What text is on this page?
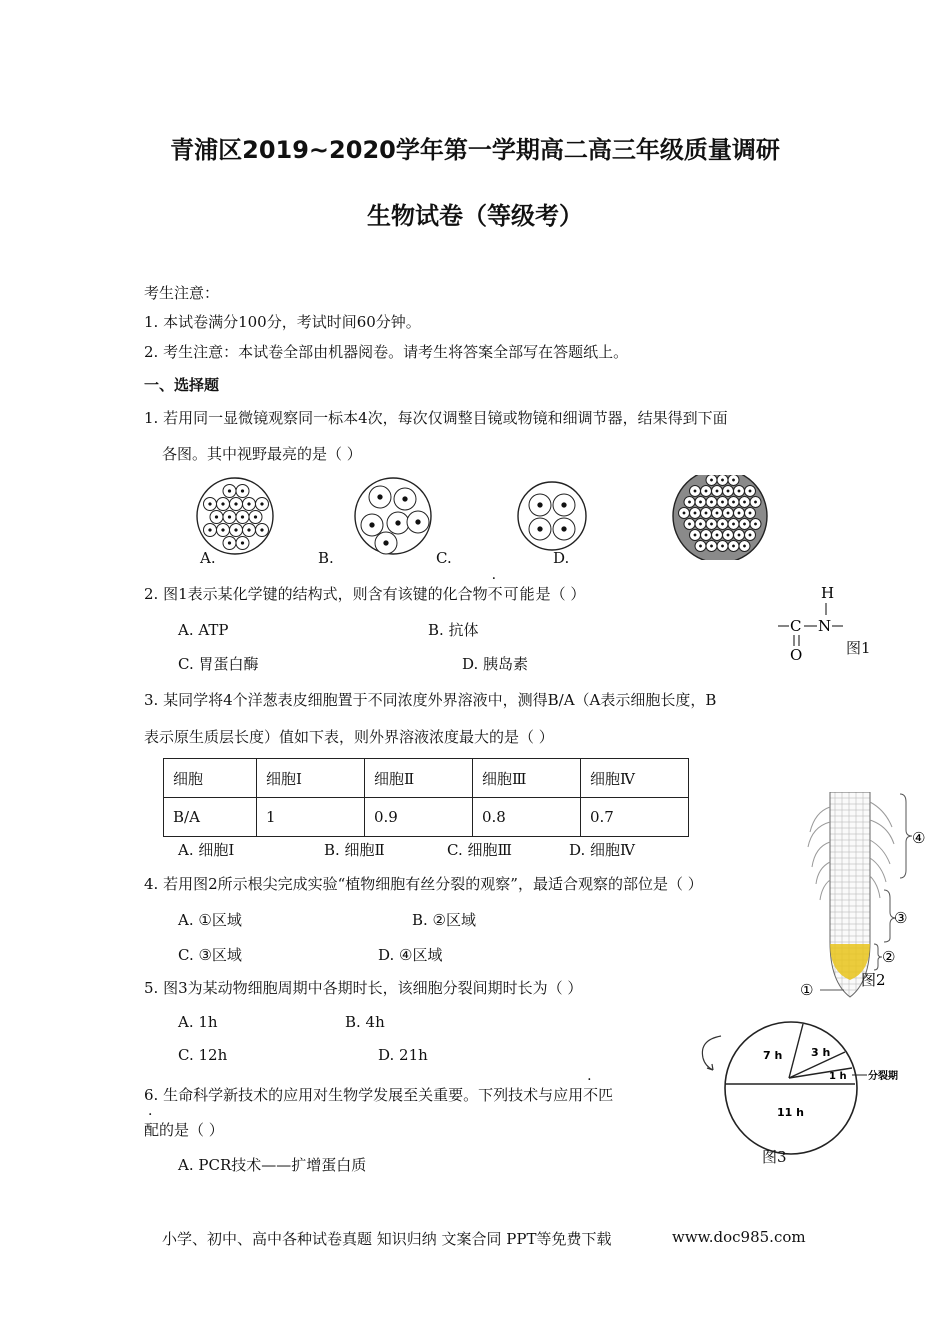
青浦区2019~2020学年第一学期高二高三年级质量调研
生物试卷（等级考）
考生注意：
1. 本试卷满分100分，考试时间60分钟。
2. 考生注意：本试卷全部由机器阅卷。请考生将答案全部写在答题纸上。
一、选择题
1. 若用同一显微镜观察同一标本4次，每次仅调整目镜或物镜和细调节器，结果得到下面
各图。其中视野最亮的是（ ）
A.	B.	C.	D.
2. 图1表示某化学键的结构式，则含有该键的化合物不可能是（ ）
A. ATP	B. 抗体
C. 胃蛋白酶	D. 胰岛素
H
C N
O	图1
3. 某同学将4个洋葱表皮细胞置于不同浓度外界溶液中，测得B/A（A表示细胞长度，B
表示原生质层长度）值如下表，则外界溶液浓度最大的是（ ）
细胞	细胞Ⅰ	细胞Ⅱ	细胞Ⅲ	细胞Ⅳ
B/A	1	0.9	0.8	0.7
A. 细胞Ⅰ	B. 细胞Ⅱ	C. 细胞Ⅲ	D. 细胞Ⅳ
4. 若用图2所示根尖完成实验“植物细胞有丝分裂的观察”，最适合观察的部位是（ ）
A. ①区域	B. ②区域
C. ③区域	D. ④区域
④
③
②
①
图2
5. 图3为某动物细胞周期中各期时长，该细胞分裂间期时长为（ ）
A. 1h	B. 4h
C. 12h	D. 21h	7 h	3 h
1 h
11 h
分裂期
图3
6. 生命科学新技术的应用对生物学发展至关重要。下列技术与应用不匹
配的是（ ）
A. PCR技术——扩增蛋白质
小学、初中、高中各种试卷真题 知识归纳 文案合同 PPT等免费下载	www.doc985.com
